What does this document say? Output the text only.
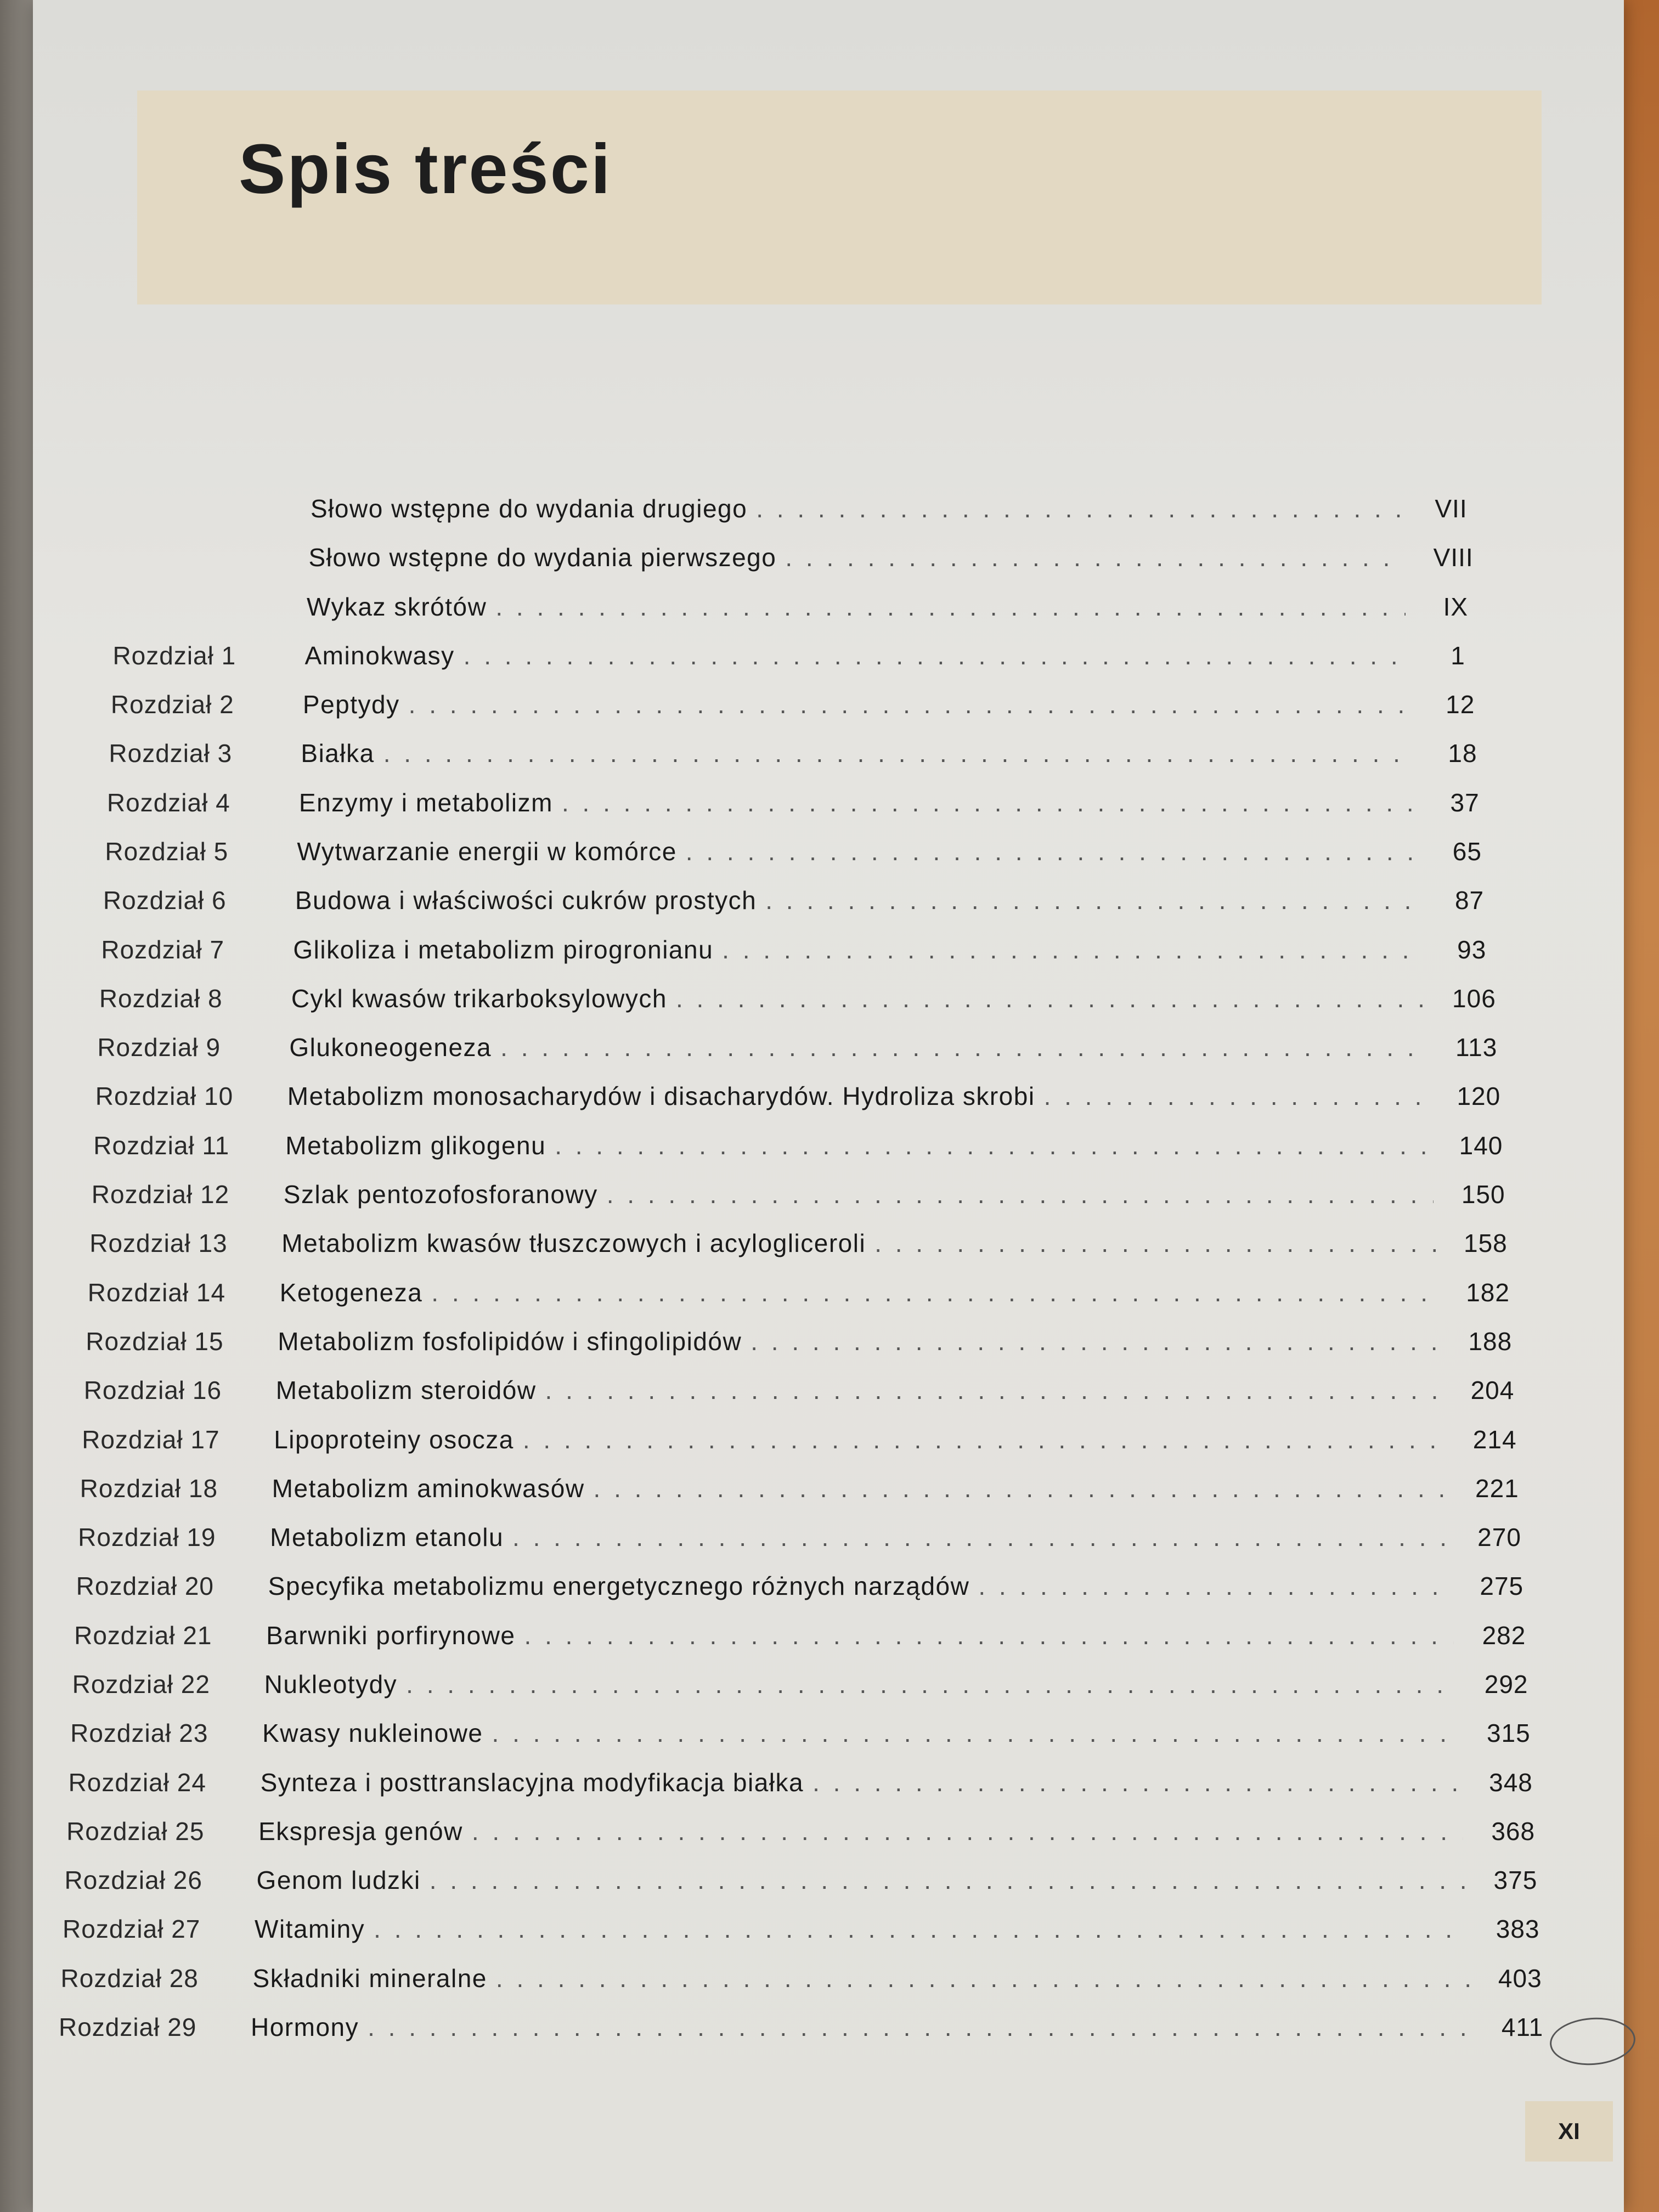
Spis treści
Słowo wstępne do wydania drugiego . . .	VII
Słowo wstępne do wydania pierwszego . . .	VIII
Wykaz skrótów . . .	IX
Rozdział 1	Aminokwasy . . .	1
Rozdział 2	Peptydy . . .	12
Rozdział 3	Białka . . .	18
Rozdział 4	Enzymy i metabolizm . . .	37
Rozdział 5	Wytwarzanie energii w komórce . . .	65
Rozdział 6	Budowa i właściwości cukrów prostych . . .	87
Rozdział 7	Glikoliza i metabolizm pirogronianu . . .	93
Rozdział 8	Cykl kwasów trikarboksylowych . . .	106
Rozdział 9	Glukoneogeneza . . .	113
Rozdział 10	Metabolizm monosacharydów i disacharydów. Hydroliza skrobi . . .	120
Rozdział 11	Metabolizm glikogenu . . .	140
Rozdział 12	Szlak pentozofosforanowy . . .	150
Rozdział 13	Metabolizm kwasów tłuszczowych i acylogliceroli . . .	158
Rozdział 14	Ketogeneza . . .	182
Rozdział 15	Metabolizm fosfolipidów i sfingolipidów . . .	188
Rozdział 16	Metabolizm steroidów . . .	204
Rozdział 17	Lipoproteiny osocza . . .	214
Rozdział 18	Metabolizm aminokwasów . . .	221
Rozdział 19	Metabolizm etanolu . . .	270
Rozdział 20	Specyfika metabolizmu energetycznego różnych narządów . . .	275
Rozdział 21	Barwniki porfirynowe . . .	282
Rozdział 22	Nukleotydy . . .	292
Rozdział 23	Kwasy nukleinowe . . .	315
Rozdział 24	Synteza i posttranslacyjna modyfikacja białka . . .	348
Rozdział 25	Ekspresja genów . . .	368
Rozdział 26	Genom ludzki . . .	375
Rozdział 27	Witaminy . . .	383
Rozdział 28	Składniki mineralne . . .	403
Rozdział 29	Hormony . . .	411
XI
